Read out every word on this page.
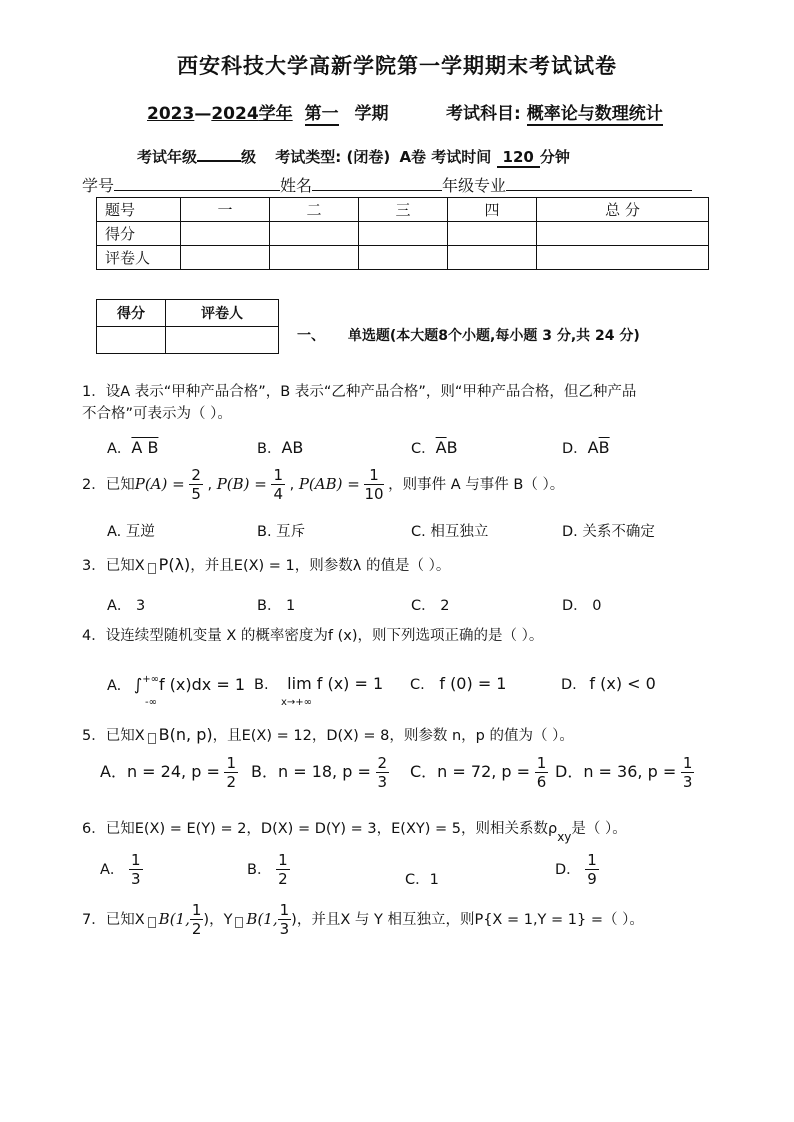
西安科技大学高新学院第一学期期末考试试卷
2023—2024学年 第一 学期	考试科目: 概率论与数理统计
考试年级	级 考试类型: (闭卷) A卷 考试时间 120 分钟
学号	姓名	年级专业
题号	一	二	三	四	总 分
得分					
评卷人					
得分	评卷人

一、 单选题(本大题8个小题,每小题 3 分,共 24 分)
1．设A 表示“甲种产品合格”，B 表示“乙种产品合格”，则“甲种产品合格，但乙种产品
不合格”可表示为（ ）。
A．A B	B．AB	C．$\overline{A}B$	D．$A\overline{B}$
2．已知$P(A) = \frac{2}{5}$ , $P(B) = \frac{1}{4}$ , $P(AB) = \frac{1}{10}$ ，则事件 A 与事件 B（ ）。
A. 互逆	B. 互斥	C. 相互独立	D. 关系不确定
3．已知X P(λ)，并且E(X) = 1，则参数λ 的值是（ ）。
A． 3	B． 1	C． 2	D． 0
4．设连续型随机变量 X 的概率密度为f (x)，则下列选项正确的是（ ）。
A. ∫+∞f (x)dx = 1
-∞
B. lim f (x) = 1
x→+∞
C. f (0) = 1	D. f (x) < 0
5．已知X B(n, p)，且E(X) = 12，D(X) = 8，则参数 n，p 的值为（ ）。
A．n = 24, $p = \frac{1}{2}$ B．n = 18, $p = \frac{2}{3}$ C．n = 72, $p = \frac{1}{6}$ D．n = 36, $p = \frac{1}{3}$
6．已知E(X) = E(Y) = 2，D(X) = D(Y) = 3，E(XY) = 5，则相关系数$\rho_{xy}$是（ ）。
A． $\frac{1}{3}$	B． $\frac{1}{2}$	C．1
D． $\frac{1}{9}$
7．已知X B(1, $\frac{1}{2}$ )，Y B(1, $\frac{1}{3}$ )，并且X 与 Y 相互独立，则P{X = 1,Y = 1} =（ ）。
